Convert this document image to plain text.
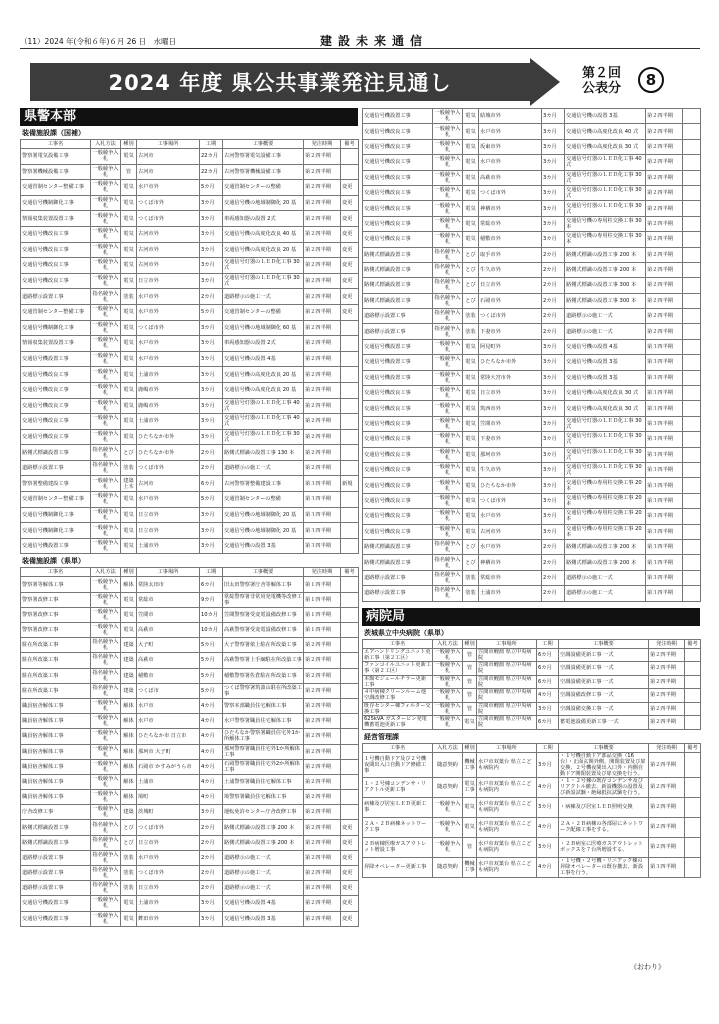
（11）2024 年(令和６年)６月 26 日　水曜日	建設未来通信
2024 年度 県公共事業発注見通し	第２回
公表分	8
県警本部
装備施設課（国補）
工事名	入札方法	種別	工事場所	工期	工事概要	発注時期	備考
警察署電気設備工事	一般競争入札	電気	古河市	22カ月	古河警察署電気設備工事	第２四半期	
警察署機械設備工事	一般競争入札	管	古河市	22カ月	古河警察署機械設備工事	第２四半期	
交通管制センター整備工事	一般競争入札	電気	水戸市外	5カ月	交通管制センターの整備	第２四半期	変更
交通信号機制御化工事	一般競争入札	電気	つくば市外	3カ月	交通信号機の地域制御化 20 基	第２四半期	変更
情報収集装置設置工事	一般競争入札	電気	つくば市外	3カ月	車両感知器の設置 2式	第２四半期	変更
交通信号機改良工事	一般競争入札	電気	古河市外	3カ月	交通信号機の高度化改良 40 基	第２四半期	変更
交通信号機改良工事	一般競争入札	電気	古河市外	3カ月	交通信号機の高度化改良 20 基	第２四半期	変更
交通信号機改良工事	一般競争入札	電気	古河市外	3カ月	交通信号灯器のＬＥＤ化工事 30 式	第２四半期	変更
交通信号機改良工事	一般競争入札	電気	日立市外	3カ月	交通信号灯器のＬＥＤ化工事 30 式	第２四半期	変更
道路標示設置工事	指名競争入札	塗装	水戸市外	2カ月	道路標示の施工一式	第２四半期	変更
交通管制センター整備工事	一般競争入札	電気	水戸市外	5カ月	交通管制センターの整備	第２四半期	変更
交通信号機制御化工事	一般競争入札	電気	つくば市外	3カ月	交通信号機の地域制御化 60 基	第２四半期	
情報収集装置設置工事	一般競争入札	電気	水戸市外	3カ月	車両感知器の設置 2式	第２四半期	
交通信号機設置工事	一般競争入札	電気	水戸市外	3カ月	交通信号機の設置 4基	第２四半期	
交通信号機改良工事	一般競争入札	電気	土浦市外	3カ月	交通信号機の高度化改良 20 基	第２四半期	
交通信号機改良工事	一般競争入札	電気	鹿嶋市外	3カ月	交通信号機の高度化改良 20 基	第２四半期	
交通信号機改良工事	一般競争入札	電気	鹿嶋市外	3カ月	交通信号灯器のＬＥＤ化工事 40 式	第２四半期	
交通信号機改良工事	一般競争入札	電気	土浦市外	3カ月	交通信号灯器のＬＥＤ化工事 40 式	第２四半期	
交通信号機改良工事	一般競争入札	電気	ひたちなか市外	3カ月	交通信号灯器のＬＥＤ化工事 30 式	第２四半期	
路側式標識設置工事	指名競争入札	とび	ひたちなか市外	2カ月	路側式標識の設置工事 130 本	第２四半期	
道路標示設置工事	指名競争入札	塗装	つくば市外	2カ月	道路標示の施工一式	第２四半期	
警察署整備建設工事	一般競争入札	建築土木	古河市	6カ月	古河警察署整備建設工事	第３四半期	新規
交通管制センター整備工事	一般競争入札	電気	水戸市外	5カ月	交通管制センターの整備	第３四半期	
交通信号機制御化工事	一般競争入札	電気	日立市外	3カ月	交通信号機の地域制御化 20 基	第３四半期	
交通信号機制御化工事	一般競争入札	電気	日立市外	3カ月	交通信号機の地域制御化 20 基	第３四半期	
交通信号機設置工事	一般競争入札	電気	土浦市外	3カ月	交通信号機の設置 3基	第３四半期	
装備施設課（県単）
工事名	入札方法	種別	工事場所	工期	工事概要	発注時期	備考
警察署等解体工事	一般競争入札	解体	常陸太田市	6カ月	旧太田警察署庁舎等解体工事	第１四半期	
警察署改修工事	一般競争入札	電気	常総市	9カ月	常総警察署非常用発電機等改修工事	第１四半期	
警察署改修工事	一般競争入札	電気	笠間市	10カ月	笠間警察署受変電設備改修工事	第１四半期	
警察署改修工事	一般競争入札	電気	高萩市	10カ月	高萩警察署受変電設備改修工事	第１四半期	
駐在所改築工事	指名競争入札	建築	大子町	5カ月	大子警察署依上駐在所改築工事	第２四半期	
駐在所改築工事	指名競争入札	建築	高萩市	5カ月	高萩警察署上手綱駐在所改築工事	第２四半期	
駐在所改築工事	指名競争入札	建築	稲敷市	5カ月	稲敷警察署佐倉駐在所改築工事	第２四半期	
駐在所改築工事	指名競争入札	建築	つくば市	5カ月	つくば警察署筑波山駐在所改築工事	第２四半期	
職員宿舎解体工事	一般競争入札	解体	水戸市	4カ月	警察本部職員住宅解体工事	第２四半期	
職員宿舎解体工事	一般競争入札	解体	水戸市	4カ月	水戸警察署職員住宅解体工事	第２四半期	
職員宿舎解体工事	一般競争入札	解体	ひたちなか市 日立市	4カ月	ひたちなか警察署職員住宅外1か所解体工事	第２四半期	
職員宿舎解体工事	一般競争入札	解体	那珂市 大子町	4カ月	那珂警察署職員住宅外1か所解体工事	第２四半期	
職員宿舎解体工事	一般競争入札	解体	石岡市 かすみがうら市	4カ月	石岡警察署職員住宅外2か所解体工事	第２四半期	
職員宿舎解体工事	一般競争入札	解体	土浦市	4カ月	土浦警察署職員住宅解体工事	第２四半期	
職員宿舎解体工事	一般競争入札	解体	境町	4カ月	境警察署職員住宅解体工事	第２四半期	
庁舎改修工事	一般競争入札	建築	茨城町	3カ月	運転免許センター庁舎改修工事	第２四半期	
路側式標識設置工事	指名競争入札	とび	つくば市外	2カ月	路側式標識の設置工事 200 本	第２四半期	変更
路側式標識設置工事	指名競争入札	とび	日立市外	2カ月	路側式標識の設置工事 200 本	第２四半期	変更
道路標示設置工事	指名競争入札	塗装	水戸市外	2カ月	道路標示の施工一式	第２四半期	変更
道路標示設置工事	指名競争入札	塗装	つくば市外	2カ月	道路標示の施工一式	第２四半期	変更
道路標示設置工事	指名競争入札	塗装	日立市外	2カ月	道路標示の施工一式	第２四半期	変更
交通信号機設置工事	一般競争入札	電気	土浦市外	3カ月	交通信号機の設置 4基	第２四半期	変更
交通信号機設置工事	一般競争入札	電気	鉾田市外	3カ月	交通信号機の設置 3基	第２四半期	変更
交通信号機設置工事	一般競争入札	電気	結城市外	3カ月	交通信号機の設置 3基	第２四半期	
交通信号機改良工事	一般競争入札	電気	水戸市外	3カ月	交通信号機の高度化改良 40 式	第２四半期	
交通信号機改良工事	一般競争入札	電気	坂東市外	3カ月	交通信号機の高度化改良 30 式	第２四半期	
交通信号機改良工事	一般競争入札	電気	水戸市外	3カ月	交通信号灯器のＬＥＤ化工事 40 式	第２四半期	
交通信号機改良工事	一般競争入札	電気	高萩市外	3カ月	交通信号灯器のＬＥＤ化工事 30 式	第２四半期	
交通信号機改良工事	一般競争入札	電気	つくば市外	3カ月	交通信号灯器のＬＥＤ化工事 30 式	第２四半期	
交通信号機改良工事	一般競争入札	電気	神栖市外	3カ月	交通信号灯器のＬＥＤ化工事 30 式	第２四半期	
交通信号機改良工事	一般競争入札	電気	常総市外	3カ月	交通信号機の専用柱交換工事 30 本	第２四半期	
交通信号機改良工事	一般競争入札	電気	稲敷市外	3カ月	交通信号機の専用柱交換工事 30 本	第２四半期	
路側式標識設置工事	指名競争入札	とび	取手市外	2カ月	路側式標識の設置工事 200 本	第２四半期	
路側式標識設置工事	指名競争入札	とび	牛久市外	2カ月	路側式標識の設置工事 200 本	第２四半期	
路側式標識設置工事	指名競争入札	とび	日立市外	2カ月	路側式標識の設置工事 300 本	第２四半期	
路側式標識設置工事	指名競争入札	とび	石岡市外	2カ月	路側式標識の設置工事 300 本	第２四半期	
道路標示設置工事	指名競争入札	塗装	つくば市外	2カ月	道路標示の施工一式	第２四半期	
道路標示設置工事	指名競争入札	塗装	下妻市外	2カ月	道路標示の施工一式	第２四半期	
交通信号機設置工事	一般競争入札	電気	阿見町外	3カ月	交通信号機の設置 4基	第３四半期	
交通信号機設置工事	一般競争入札	電気	ひたちなか市外	3カ月	交通信号機の設置 3基	第３四半期	
交通信号機設置工事	一般競争入札	電気	常陸大宮市外	3カ月	交通信号機の設置 3基	第３四半期	
交通信号機改良工事	一般競争入札	電気	日立市外	3カ月	交通信号機の高度化改良 30 式	第３四半期	
交通信号機改良工事	一般競争入札	電気	筑西市外	3カ月	交通信号機の高度化改良 30 式	第３四半期	
交通信号機改良工事	一般競争入札	電気	笠間市外	3カ月	交通信号灯器のＬＥＤ化工事 30 式	第３四半期	
交通信号機改良工事	一般競争入札	電気	下妻市外	3カ月	交通信号灯器のＬＥＤ化工事 30 式	第３四半期	
交通信号機改良工事	一般競争入札	電気	那珂市外	3カ月	交通信号灯器のＬＥＤ化工事 30 式	第３四半期	
交通信号機改良工事	一般競争入札	電気	牛久市外	3カ月	交通信号灯器のＬＥＤ化工事 30 式	第３四半期	
交通信号機改良工事	一般競争入札	電気	ひたちなか市外	3カ月	交通信号機の専用柱交換工事 20 本	第３四半期	
交通信号機改良工事	一般競争入札	電気	つくば市外	3カ月	交通信号機の専用柱交換工事 20 本	第３四半期	
交通信号機改良工事	一般競争入札	電気	水戸市外	3カ月	交通信号機の専用柱交換工事 20 本	第３四半期	
交通信号機改良工事	一般競争入札	電気	古河市外	3カ月	交通信号機の専用柱交換工事 20 本	第３四半期	
路側式標識設置工事	指名競争入札	とび	水戸市外	2カ月	路側式標識の設置工事 200 本	第３四半期	
路側式標識設置工事	指名競争入札	とび	神栖市外	2カ月	路側式標識の設置工事 200 本	第３四半期	
道路標示設置工事	指名競争入札	塗装	常総市外	2カ月	道路標示の施工一式	第３四半期	
道路標示設置工事	指名競争入札	塗装	土浦市外	2カ月	道路標示の施工一式	第３四半期	
病院局
茨城県立中央病院（県単）
工事名	入札方法	種別	工事場所	工期	工事概要	発注時期	備考
エアハンドリングユニット更新工事（第２工区）	一般競争入札	管	笠間市鯉淵 県立中央病院	6カ月	空調設備更新工事 一式	第２四半期	
ファンコイルユニット更新工事（第２工区）	一般競争入札	管	笠間市鯉淵 県立中央病院	6カ月	空調設備更新工事 一式	第２四半期	
本館モジュールチラー更新工事	一般競争入札	管	笠間市鯉淵 県立中央病院	6カ月	空調設備更新工事 一式	第２四半期	
４中病棟クリーンルーム他空調改修工事	一般競争入札	管	笠間市鯉淵 県立中央病院	4カ月	空調設備改修工事 一式	第２四半期	
既存センター棟フィルター交換工事	一般競争入札	管	笠間市鯉淵 県立中央病院	3カ月	空調設備交換工事 一式	第２四半期	
625kVA ガスタービン発電機蓄電池更新工事	一般競争入札	電気	笠間市鯉淵 県立中央病院	6カ月	蓄電池設備更新工事 一式	第２四半期	
経営管理課
工事名	入札方法	種別	工事場所	工期	工事概要	発注時期	備考
１号機自動ドア及び２号機夜間出入口自動ドア修繕工事	随意契約	機械工事	水戸市双葉台 県立こども病院内	3カ月	・１号機自動ドア部品交換（16 台）・正面玄関外側、開閉装置及び扉交換、２号機夜間出入口外・内側自動ドア開閉装置及び扉交換を行う。	第２四半期	
１・２号棟コンデンサ・リアクトル更新工事	随意契約	電気工事	水戸市双葉台 県立こども病院内	4カ月	・１・２号棟の既存コンデンサ及びリアクトル撤去、新設機器の設置及び新設試験・絶縁抵抗試験を行う。	第２四半期	
病棟及び居室ＬＥＤ更新工事	一般競争入札	電気	水戸市双葉台 県立こども病院内	3カ月	・病棟及び居室ＬＥＤ照明交換	第２四半期	
２Ａ・２Ｂ病棟ネットワーク工事	一般競争入札	電気	水戸市双葉台 県立こども病院内	4カ月	２Ａ・２Ｂ病棟の各部屋にネットワーク配線工事をする。	第２四半期	
２Ｂ病棟医療ガスアウトレット増設工事	一般競争入札	管	水戸市双葉台 県立こども病院内	3カ月	・２Ｂ病室に医療ガスアウトレットボックスを７台所増設する。	第２四半期	
昇降オペレーター更新工事	随意契約	機械工事	水戸市双葉台 県立こども病院内	4カ月	・１号機・２号機・リニアック棟の昇降オペレーターの既存撤去、新設工事を行う。	第３四半期	
《おわり》
